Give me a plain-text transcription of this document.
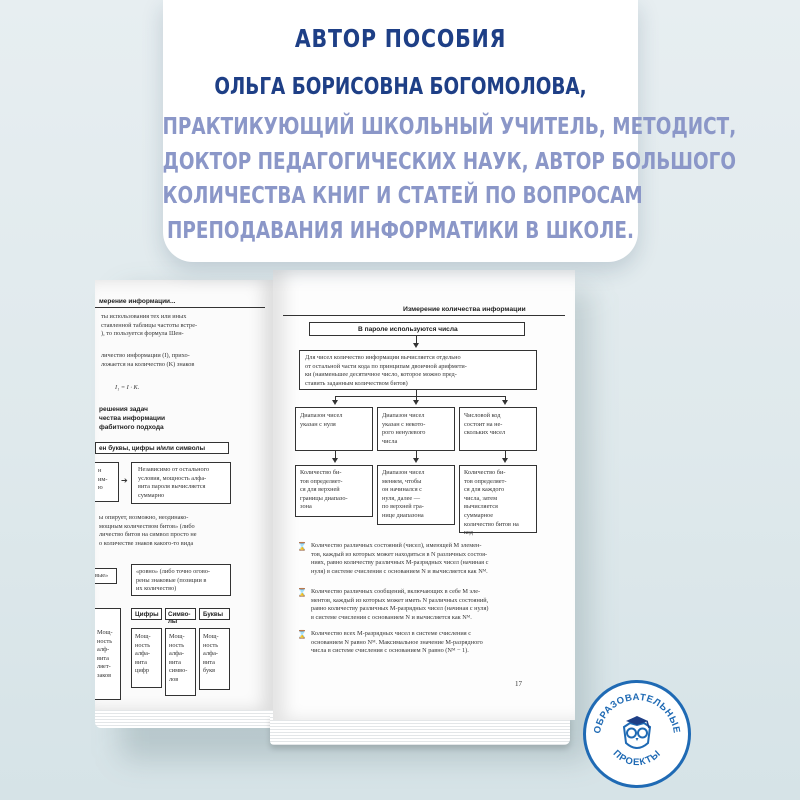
АВТОР ПОСОБИЯ
ОЛЬГА БОРИСОВНА БОГОМОЛОВА,
ПРАКТИКУЮЩИЙ ШКОЛЬНЫЙ УЧИТЕЛЬ, МЕТОДИСТ,
ДОКТОР ПЕДАГОГИЧЕСКИХ НАУК, АВТОР БОЛЬШОГО
КОЛИЧЕСТВА КНИГ И СТАТЕЙ ПО ВОПРОСАМ
ПРЕПОДАВАНИЯ ИНФОРМАТИКИ В ШКОЛЕ.
мерение информации...
ты использования тех или иных
ставленной таблицы частоты встре-
), то пользуется формула Шен-
личество информации (I), прихо-
ложается на количество (K) знаков
I₁ = I · K.
решения задач
чества информации
фабитного подхода
ен буквы, цифры и/или символы
н
им-
ю
➔
Независимо от остального
условия, мощность алфа-
вита пароля вычисляется
суммарно
ы опирует, возможно, неодинако-
мощным количеством битов» (либо
личество битов на символ просто не
о количестве знаков какого-то вида
вые»
«ровно» (либо точно огово-
рены знаковые (позиции в
их количество)
Мощ-
ность
алф-
вита
ляет-
заков
Цифры
Мощ-
ность
алфа-
вита
цифр
Симво-лы
Мощ-
ность
алфа-
вита
симво-
лов
Буквы
Мощ-
ность
алфа-
вита
букв
Измерение количества информации
В пароле используются числа
Для чисел количество информации вычисляется отдельно
от остальной части кода по принципам двоичной арифмети-
ки (наименьшее десятичное число, которое можно пред-
ставить заданным количеством битов)
Диапазон чисел
указан с нуля
Диапазон чисел
указан с некото-
рого ненулевого
числа
Числовой код
состоит на не-
скольких чисел
Количество би-
тов определяет-
ся для верхней
границы диапазо-
зона
Диапазон чисел
меняем, чтобы
он начинался с
нуля, далее —
по верхней гра-
нице диапазона
Количество би-
тов определяет-
ся для каждого
числа, затем
вычисляется
суммарное
количество битов на
код
⌛ Количество различных состояний (чисел), имеющей M элемен-
тов, каждый из которых может находиться в N различных состоя-
ниях, равно количеству различных M-разрядных чисел (начиная с
нуля) в системе счисления с основанием N и вычисляется как Nᴹ.
⌛ Количество различных сообщений, включающих в себе M эле-
ментов, каждый из которых может иметь N различных состояний,
равно количеству различных M-разрядных чисел (начиная с нуля)
в системе счисления с основанием N и вычисляется как Nᴹ.
⌛ Количество всех M-разрядных чисел в системе счисления с
основанием N равно Nᴹ. Максимальное значение M-разрядного
числа в системе счисления с основанием N равно (Nᴹ − 1).
17
ОБРАЗОВАТЕЛЬНЫЕ
ПРОЕКТЫ
